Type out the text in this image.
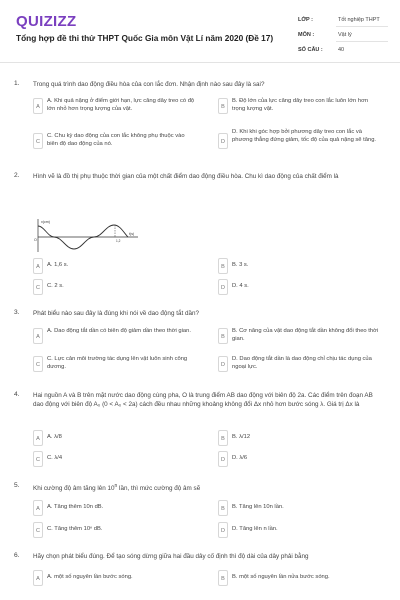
QUIZIZZ
Tổng hợp đề thi thử THPT Quốc Gia môn Vật Lí năm 2020 (Đề 17)
LỚP :	Tốt nghiệp THPT
MÔN :	Vật lý
SỐ CÂU :	40
1. Trong quá trình dao động điều hòa của con lắc đơn. Nhận định nào sau đây là sai?
A
A. Khi quả nặng ở điểm giới hạn, lực căng dây treo có độ lớn nhỏ hơn trọng lượng của vật.	B
B. Độ lớn của lực căng dây treo con lắc luôn lớn hơn trọng lượng vật.
C
C. Chu kỳ dao động của con lắc không phụ thuộc vào biên độ dao động của nó.	D
D. Khi khi góc hợp bởi phương dây treo con lắc và phương thẳng đứng giảm, tốc độ của quả nặng sẽ tăng.
2. Hình vẽ là đồ thị phụ thuộc thời gian của một chất điểm dao động điều hòa. Chu kì dao động của chất điểm là
x(cm)
t(s)
O	1,2
A	A. 1,6 s.	B	B. 3 s.
C	C. 2 s.	D	D. 4 s.
3. Phát biểu nào sau đây là đúng khi nói về dao động tắt dần?
A
A. Dao động tắt dần có biên độ giảm dần theo thời gian.
B
B. Cơ năng của vật dao động tắt dần không đổi theo thời gian.
C
C. Lực cản môi trường tác dụng lên vật luôn sinh công dương.	D
D. Dao động tắt dần là dao động chỉ chịu tác dụng của ngoại lực.
4. Hai nguồn A và B trên mặt nước dao động cùng pha, O là trung điểm AB dao động với biên độ 2a. Các điểm trên đoạn AB dao động với biên độ A₀ (0 < A₀ < 2a) cách đều nhau những khoảng không đổi Δx nhỏ hơn bước sóng λ. Giá trị Δx là
A	A. λ/8	B	B. λ/12
C	C. λ/4	D	D. λ/6
5. Khi cường độ âm tăng lên 10$^n$ lần, thì mức cường độ âm sẽ
A	A. Tăng thêm 10n dB.	B	B. Tăng lên 10n lần.
C	C. Tăng thêm 10ⁿ dB.	D	D. Tăng lên n lần.
6. Hãy chọn phát biểu đúng. Để tạo sóng dừng giữa hai đầu dây cố định thì độ dài của dây phải bằng
A	A. một số nguyên lần bước sóng.	B	B. một số nguyên lần nửa bước sóng.
